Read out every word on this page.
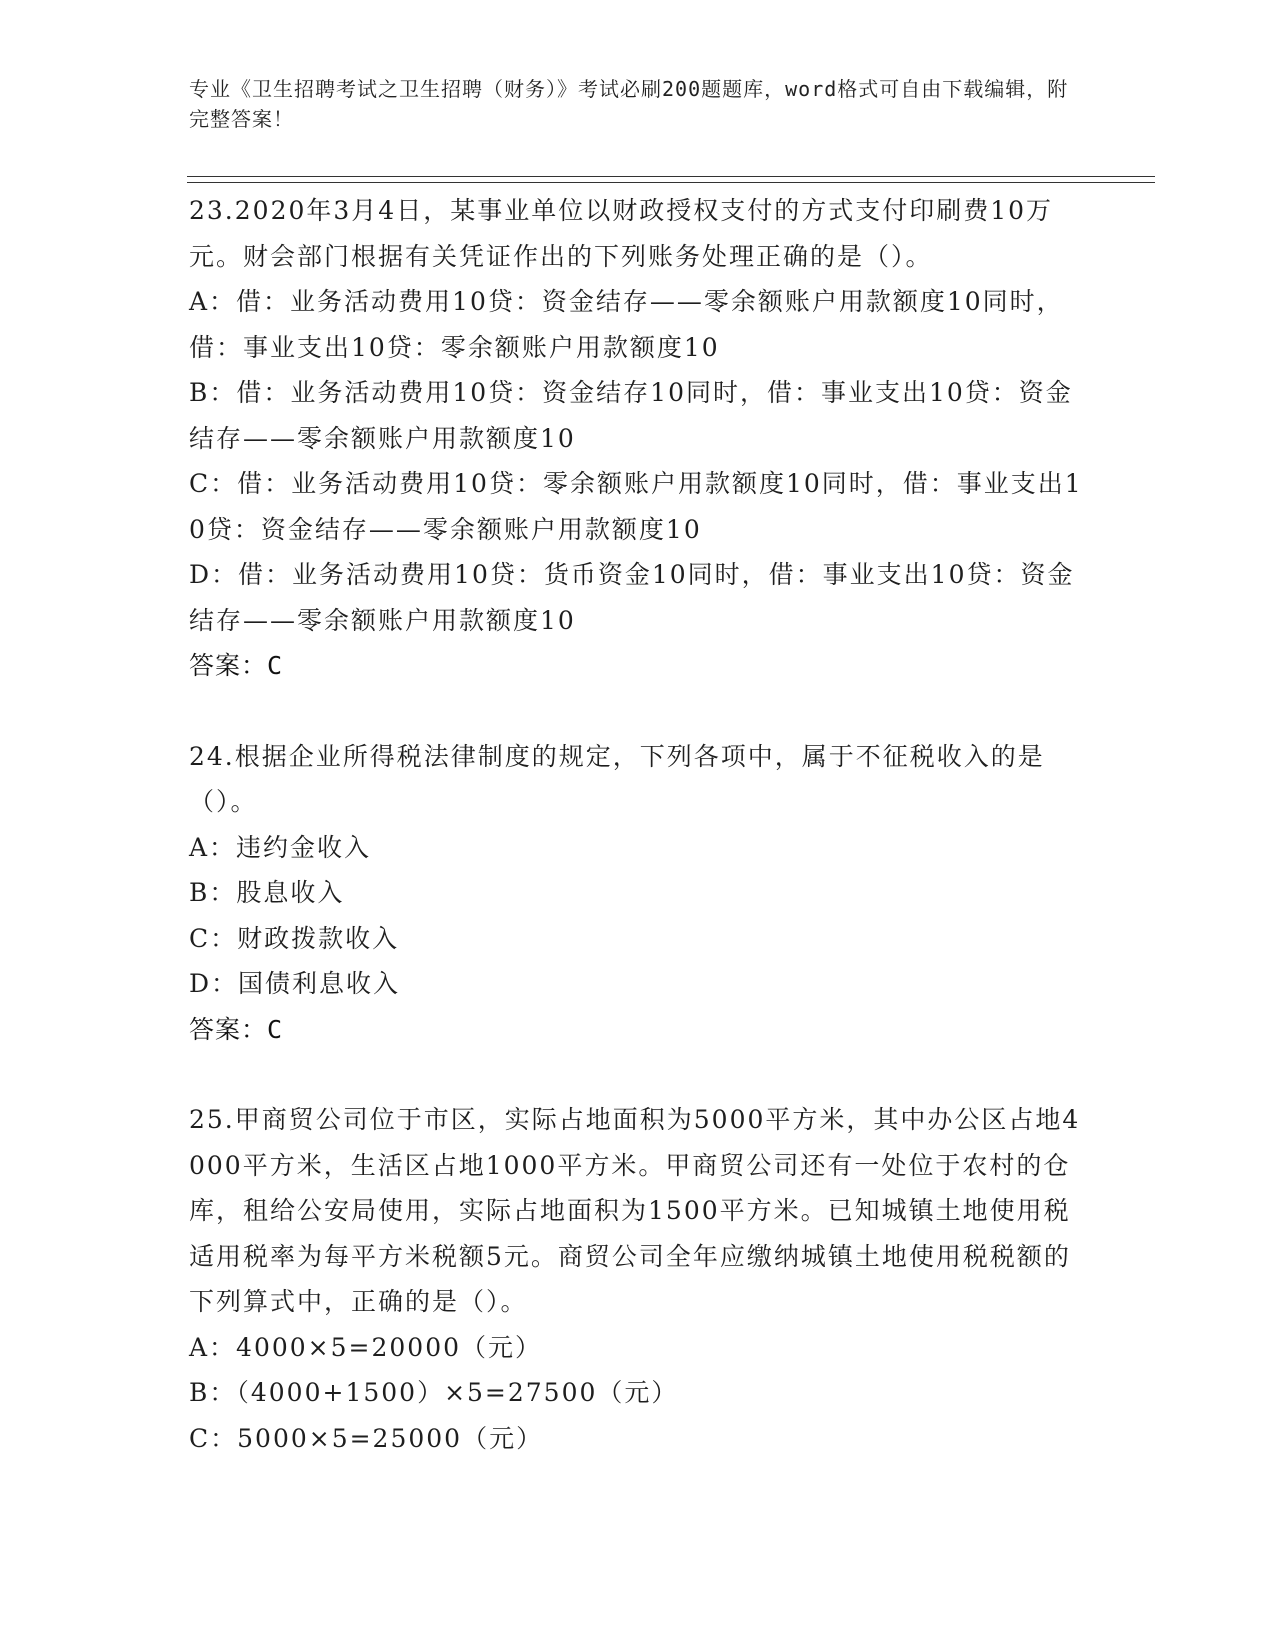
专业《卫生招聘考试之卫生招聘（财务）》考试必刷200题题库，word格式可自由下载编辑，附完整答案！
23.2020年3月4日，某事业单位以财政授权支付的方式支付印刷费10万元。财会部门根据有关凭证作出的下列账务处理正确的是（）。
A：借：业务活动费用10贷：资金结存——零余额账户用款额度10同时，借：事业支出10贷：零余额账户用款额度10
B：借：业务活动费用10贷：资金结存10同时，借：事业支出10贷：资金结存——零余额账户用款额度10
C：借：业务活动费用10贷：零余额账户用款额度10同时，借：事业支出10贷：资金结存——零余额账户用款额度10
D：借：业务活动费用10贷：货币资金10同时，借：事业支出10贷：资金结存——零余额账户用款额度10
答案：C
24.根据企业所得税法律制度的规定，下列各项中，属于不征税收入的是（）。
A：违约金收入
B：股息收入
C：财政拨款收入
D：国债利息收入
答案：C
25.甲商贸公司位于市区，实际占地面积为5000平方米，其中办公区占地4000平方米，生活区占地1000平方米。甲商贸公司还有一处位于农村的仓库，租给公安局使用，实际占地面积为1500平方米。已知城镇土地使用税适用税率为每平方米税额5元。商贸公司全年应缴纳城镇土地使用税税额的下列算式中，正确的是（）。
A：4000×5=20000（元）
B：（4000+1500）×5=27500（元）
C：5000×5=25000（元）
